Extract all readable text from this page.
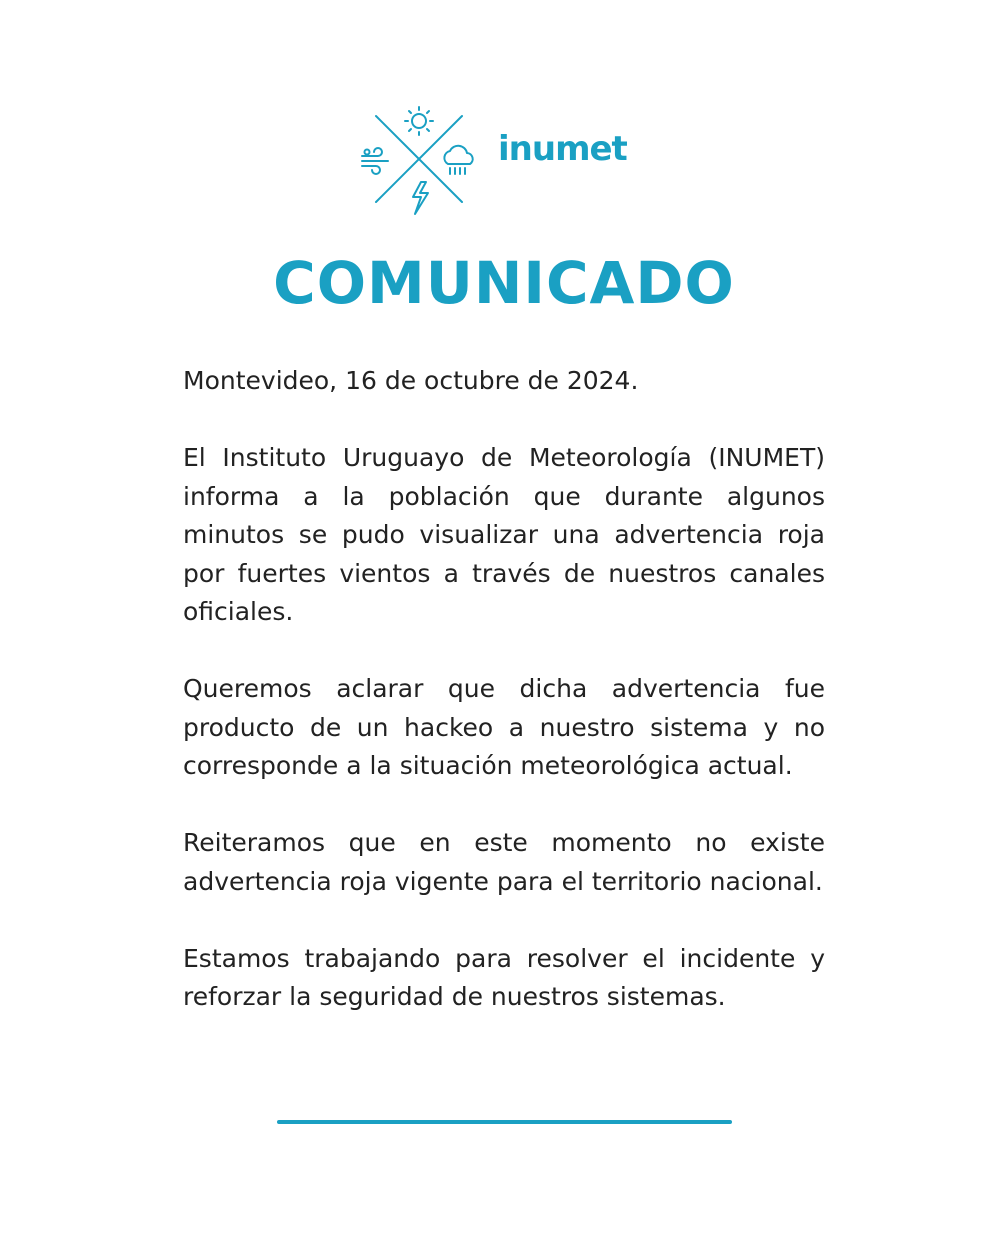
inumet
COMUNICADO

Montevideo, 16 de octubre de 2024.

El Instituto Uruguayo de Meteorología (INUMET) informa a la población que durante algunos minutos se pudo visualizar una advertencia roja por fuertes vientos a través de nuestros canales oficiales.

Queremos aclarar que dicha advertencia fue producto de un hackeo a nuestro sistema y no corresponde a la situación meteorológica actual.

Reiteramos que en este momento no existe advertencia roja vigente para el territorio nacional.

Estamos trabajando para resolver el incidente y reforzar la seguridad de nuestros sistemas.
